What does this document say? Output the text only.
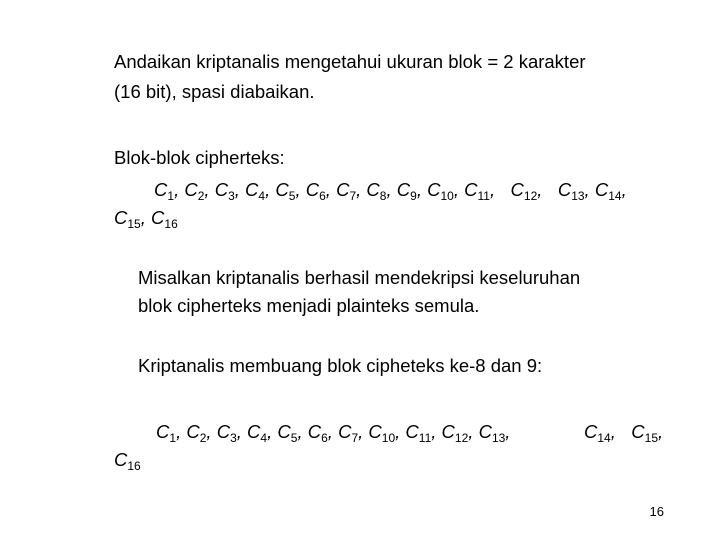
Andaikan kriptanalis mengetahui ukuran blok = 2 karakter
(16 bit), spasi diabaikan.
Blok-blok cipherteks:
$C_1$, $C_2$, $C_3$, $C_4$, $C_5$, $C_6$, $C_7$, $C_8$, $C_9$, $C_{10}$, $C_{11}$,   $C_{12}$,   $C_{13}$, $C_{14}$,
$C_{15}$, $C_{16}$
Misalkan kriptanalis berhasil mendekripsi keseluruhan
blok cipherteks menjadi plainteks semula.
Kriptanalis membuang blok cipheteks ke-8 dan 9:
$C_1$, $C_2$, $C_3$, $C_4$, $C_5$, $C_6$, $C_7$, $C_{10}$, $C_{11}$, $C_{12}$, $C_{13}$,	$C_{14}$,   $C_{15}$,
$C_{16}$
16
